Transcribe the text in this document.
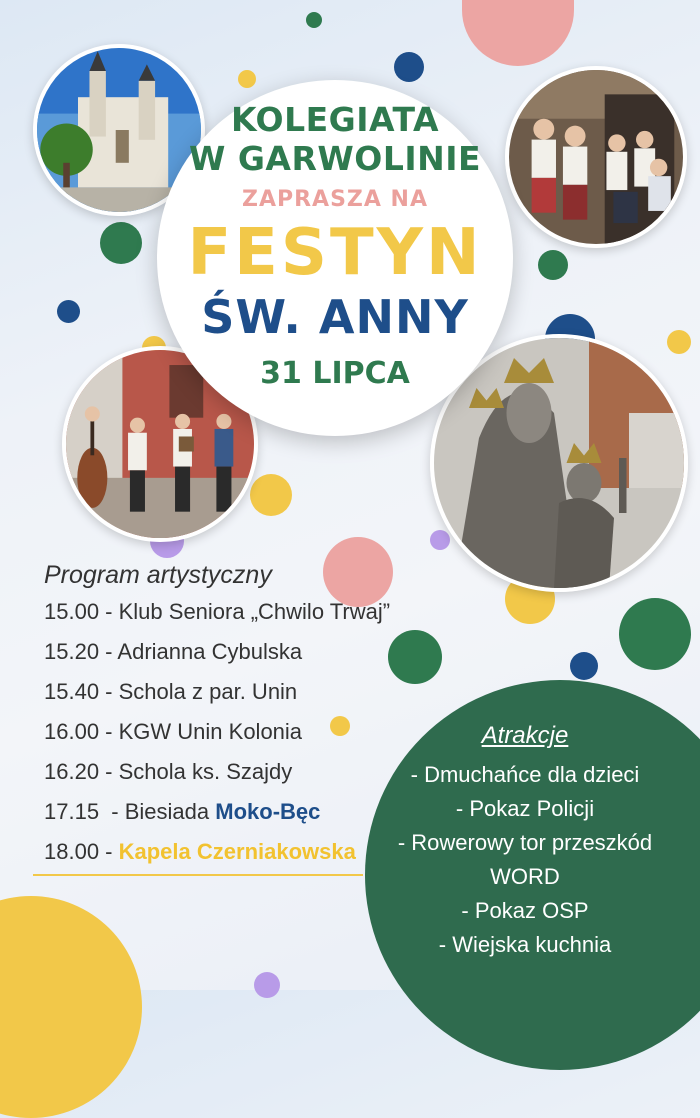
KOLEGIATA
W GARWOLINIE
ZAPRASZA NA
FESTYN
ŚW. ANNY
31 LIPCA
Program artystyczny
15.00 - Klub Seniora „Chwilo Trwaj”
15.20 - Adrianna Cybulska
15.40 - Schola z par. Unin
16.00 - KGW Unin Kolonia
16.20 - Schola ks. Szajdy
17.15  - Biesiada Moko-Bęc
18.00 - Kapela Czerniakowska
Atrakcje
- Dmuchańce dla dzieci
- Pokaz Policji
- Rowerowy tor przeszkód
WORD
- Pokaz OSP
- Wiejska kuchnia
